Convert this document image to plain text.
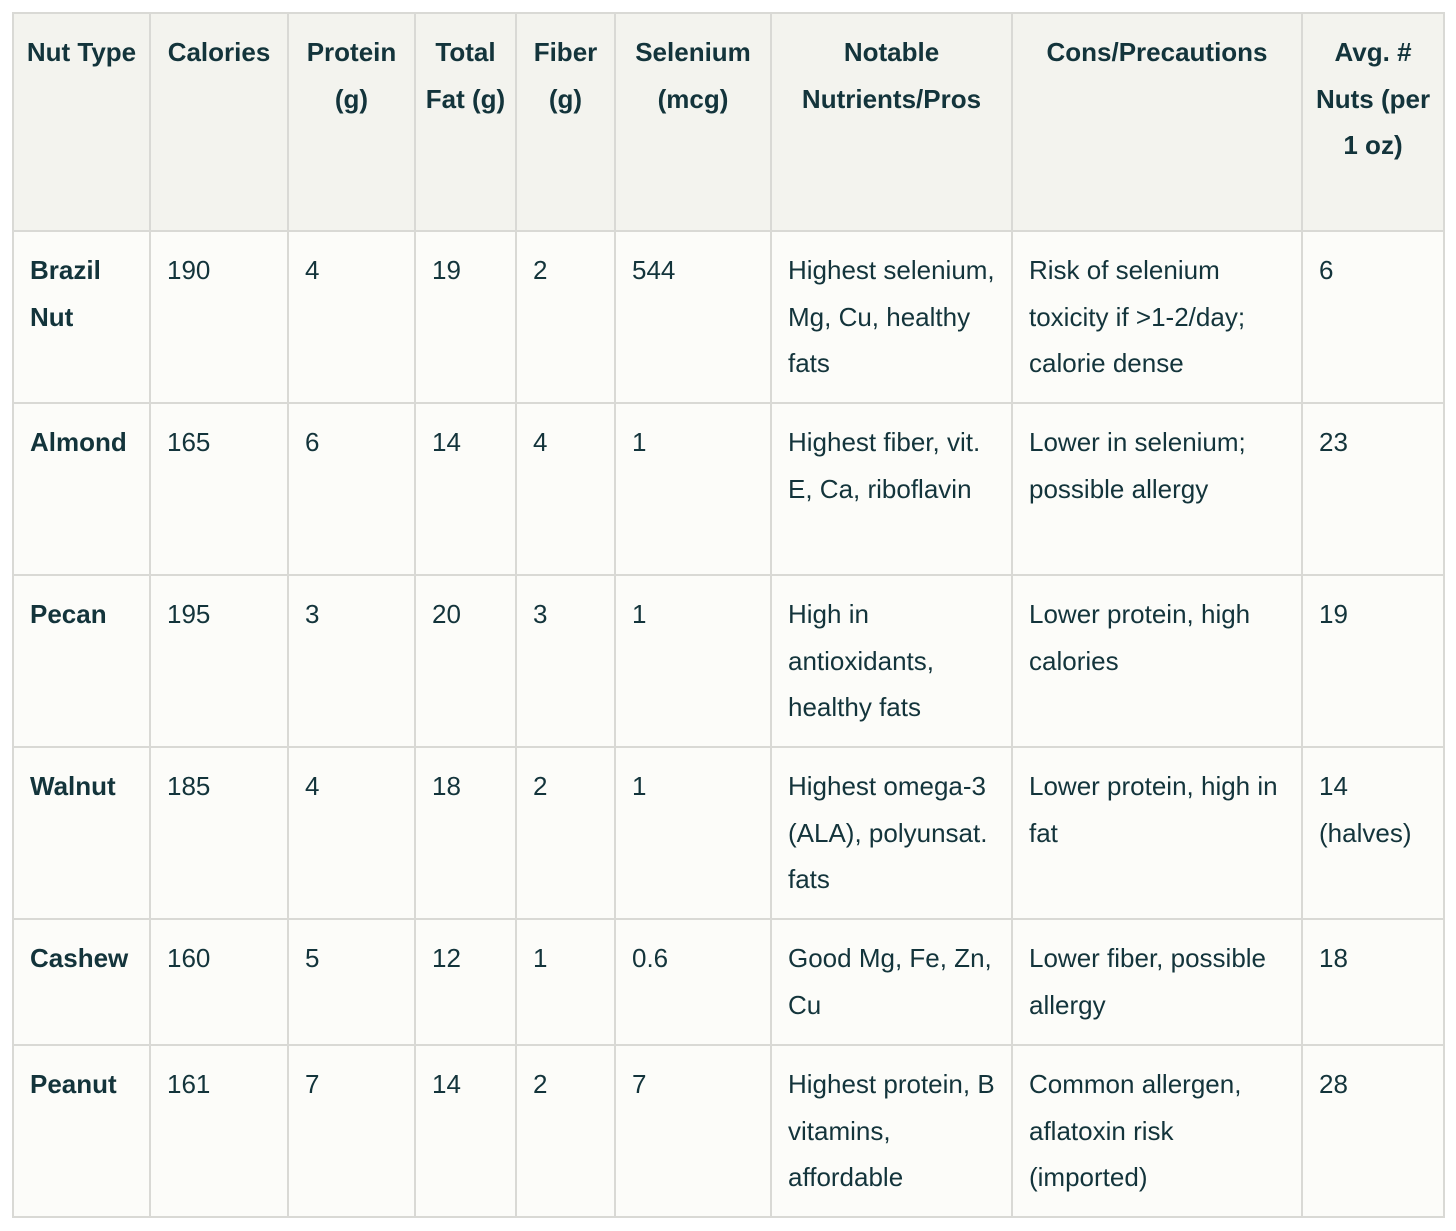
Nut Type	Calories	Protein (g)	Total Fat (g)	Fiber (g)	Selenium (mcg)	Notable Nutrients/Pros	Cons/Precautions	Avg. # Nuts (per 1 oz)
Brazil Nut	190	4	19	2	544	Highest selenium, Mg, Cu, healthy fats	Risk of selenium toxicity if >1-2/day; calorie dense	6
Almond	165	6	14	4	1	Highest fiber, vit. E, Ca, riboflavin	Lower in selenium; possible allergy	23
Pecan	195	3	20	3	1	High in antioxidants, healthy fats	Lower protein, high calories	19
Walnut	185	4	18	2	1	Highest omega-3 (ALA), polyunsat. fats	Lower protein, high in fat	14 (halves)
Cashew	160	5	12	1	0.6	Good Mg, Fe, Zn, Cu	Lower fiber, possible allergy	18
Peanut	161	7	14	2	7	Highest protein, B vitamins, affordable	Common allergen, aflatoxin risk (imported)	28
